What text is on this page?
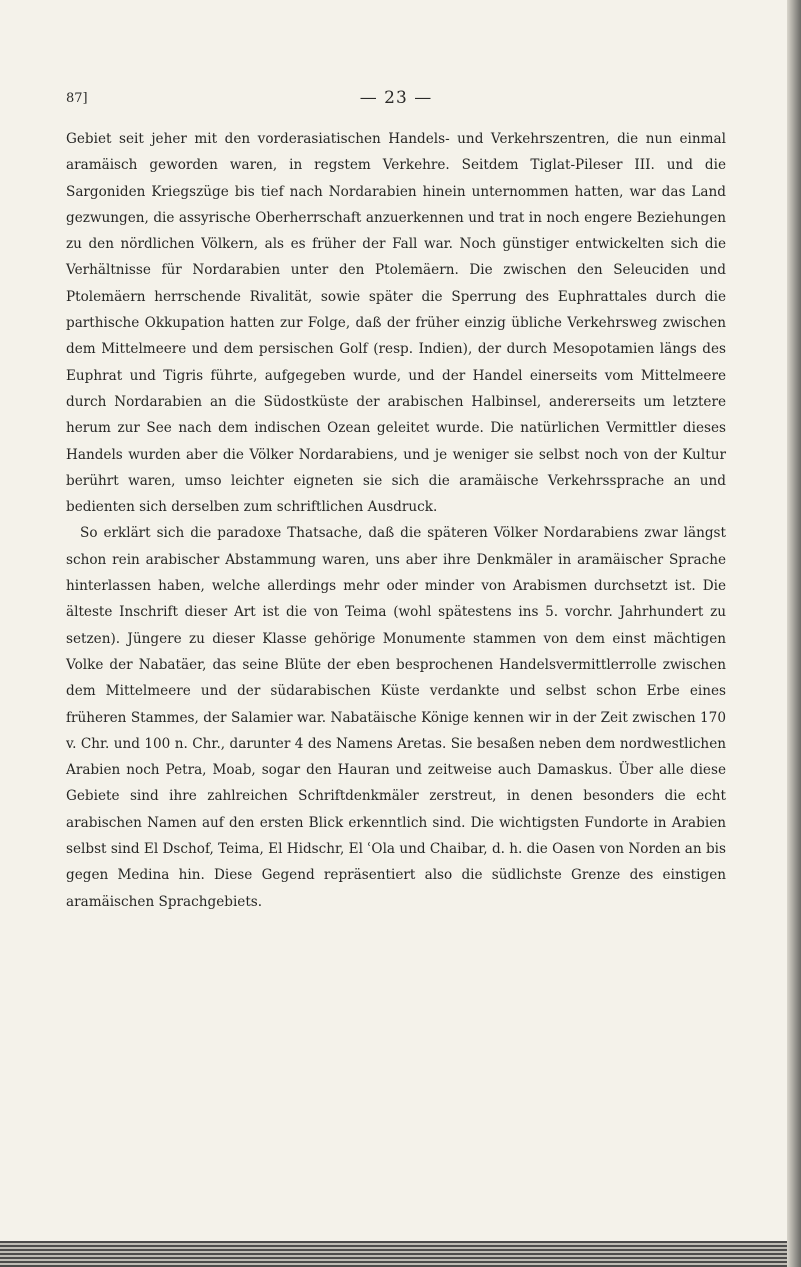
87]	— 23 —

Gebiet seit jeher mit den vorderasiatischen Handels- und Verkehrszentren, die nun einmal aramäisch geworden waren, in regstem Verkehre. Seitdem Tiglat-Pileser III. und die Sargoniden Kriegszüge bis tief nach Nordarabien hinein unternommen hatten, war das Land gezwungen, die assyrische Oberherrschaft anzuerkennen und trat in noch engere Beziehungen zu den nördlichen Völkern, als es früher der Fall war. Noch günstiger entwickelten sich die Verhältnisse für Nordarabien unter den Ptolemäern. Die zwischen den Seleuciden und Ptolemäern herrschende Rivalität, sowie später die Sperrung des Euphrattales durch die parthische Okkupation hatten zur Folge, daß der früher einzig übliche Verkehrsweg zwischen dem Mittelmeere und dem persischen Golf (resp. Indien), der durch Mesopotamien längs des Euphrat und Tigris führte, aufgegeben wurde, und der Handel einerseits vom Mittelmeere durch Nordarabien an die Südostküste der arabischen Halbinsel, andererseits um letztere herum zur See nach dem indischen Ozean geleitet wurde. Die natürlichen Vermittler dieses Handels wurden aber die Völker Nordarabiens, und je weniger sie selbst noch von der Kultur berührt waren, umso leichter eigneten sie sich die aramäische Verkehrssprache an und bedienten sich derselben zum schriftlichen Ausdruck.

So erklärt sich die paradoxe Thatsache, daß die späteren Völker Nordarabiens zwar längst schon rein arabischer Abstammung waren, uns aber ihre Denkmäler in aramäischer Sprache hinterlassen haben, welche allerdings mehr oder minder von Arabismen durchsetzt ist. Die älteste Inschrift dieser Art ist die von Teima (wohl spätestens ins 5. vorchr. Jahrhundert zu setzen). Jüngere zu dieser Klasse gehörige Monumente stammen von dem einst mächtigen Volke der Nabatäer, das seine Blüte der eben besprochenen Handelsvermittlerrolle zwischen dem Mittelmeere und der südarabischen Küste verdankte und selbst schon Erbe eines früheren Stammes, der Salamier war. Nabatäische Könige kennen wir in der Zeit zwischen 170 v. Chr. und 100 n. Chr., darunter 4 des Namens Aretas. Sie besaßen neben dem nordwestlichen Arabien noch Petra, Moab, sogar den Hauran und zeitweise auch Damaskus. Über alle diese Gebiete sind ihre zahlreichen Schriftdenkmäler zerstreut, in denen besonders die echt arabischen Namen auf den ersten Blick erkenntlich sind. Die wichtigsten Fundorte in Arabien selbst sind El Dschof, Teima, El Hidschr, El ʿOla und Chaibar, d. h. die Oasen von Norden an bis gegen Medina hin. Diese Gegend repräsentiert also die südlichste Grenze des einstigen aramäischen Sprachgebiets.
